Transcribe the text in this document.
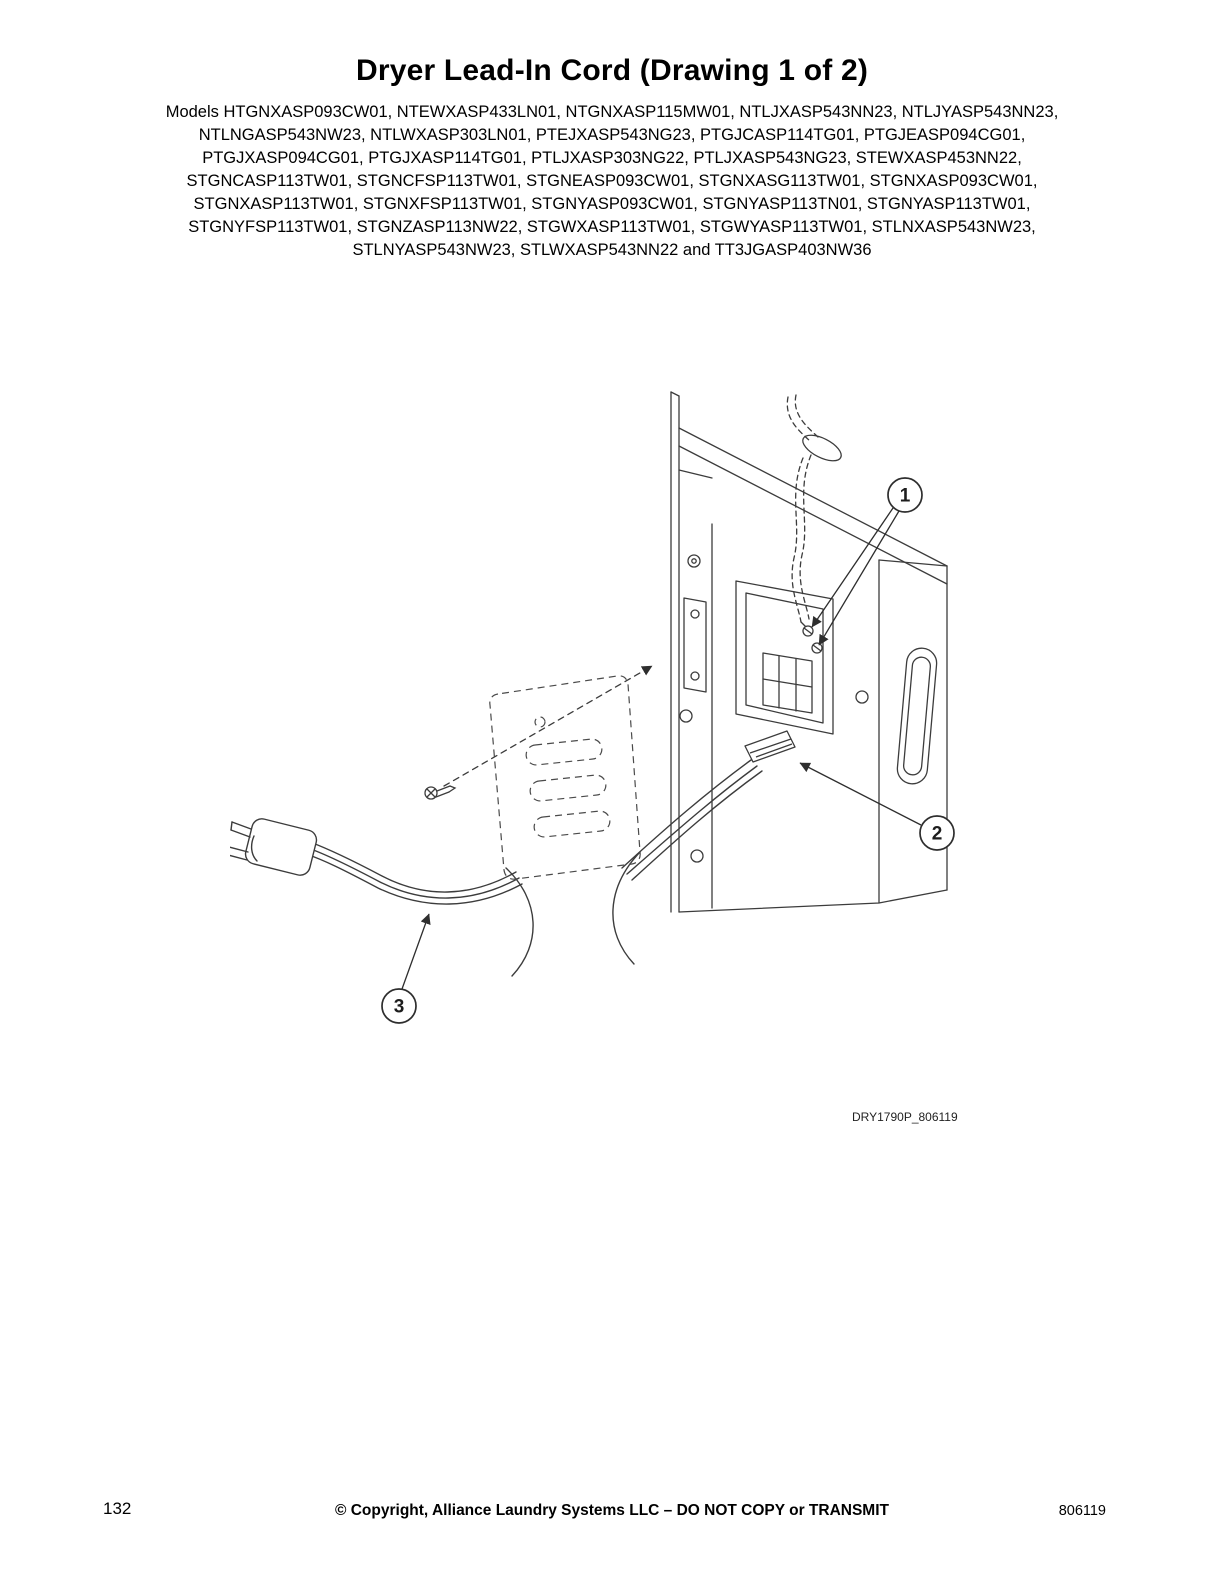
Dryer Lead-In Cord (Drawing 1 of 2)
Models HTGNXASP093CW01, NTEWXASP433LN01, NTGNXASP115MW01, NTLJXASP543NN23, NTLJYASP543NN23,
NTLNGASP543NW23, NTLWXASP303LN01, PTEJXASP543NG23, PTGJCASP114TG01, PTGJEASP094CG01,
PTGJXASP094CG01, PTGJXASP114TG01, PTLJXASP303NG22, PTLJXASP543NG23, STEWXASP453NN22,
STGNCASP113TW01, STGNCFSP113TW01, STGNEASP093CW01, STGNXASG113TW01, STGNXASP093CW01,
STGNXASP113TW01, STGNXFSP113TW01, STGNYASP093CW01, STGNYASP113TN01, STGNYASP113TW01,
STGNYFSP113TW01, STGNZASP113NW22, STGWXASP113TW01, STGWYASP113TW01, STLNXASP543NW23,
STLNYASP543NW23, STLWXASP543NN22 and TT3JGASP403NW36
1
2
3
DRY1790P_806119
132	© Copyright, Alliance Laundry Systems LLC – DO NOT COPY or TRANSMIT	806119
